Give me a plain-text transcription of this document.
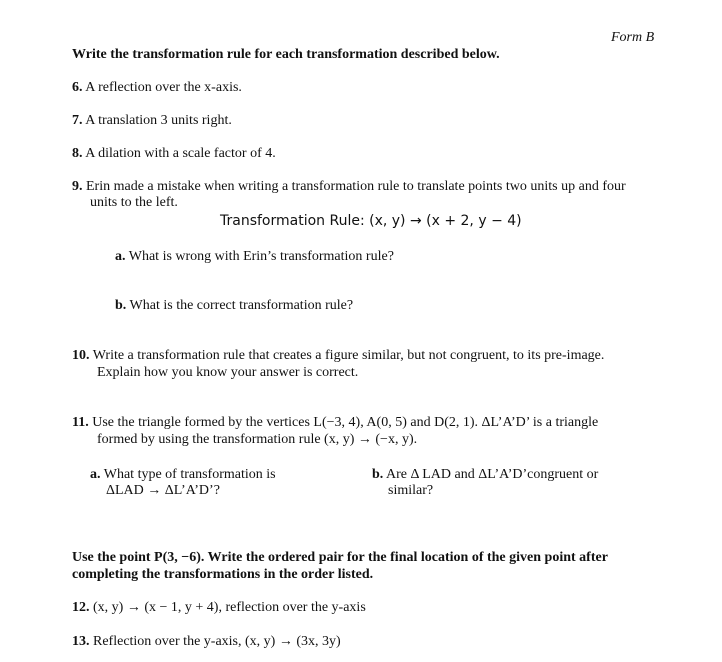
Form B
Write the transformation rule for each transformation described below.
6. A reflection over the x-axis.
7. A translation 3 units right.
8. A dilation with a scale factor of 4.
9. Erin made a mistake when writing a transformation rule to translate points two units up and four
units to the left.
Transformation Rule: (x, y) → (x + 2, y − 4)
a. What is wrong with Erin’s transformation rule?
b. What is the correct transformation rule?
10. Write a transformation rule that creates a figure similar, but not congruent, to its pre-image.
Explain how you know your answer is correct.
11. Use the triangle formed by the vertices L(−3, 4), A(0, 5) and D(2, 1). ΔL’A’D’ is a triangle
formed by using the transformation rule (x, y) → (−x, y).
a. What type of transformation is
ΔLAD → ΔL’A’D’?
b. Are Δ LAD and ΔL’A’D’congruent or
similar?
Use the point P(3, −6). Write the ordered pair for the final location of the given point after
completing the transformations in the order listed.
12. (x, y) → (x − 1, y + 4), reflection over the y-axis
13. Reflection over the y-axis, (x, y) → (3x, 3y)
